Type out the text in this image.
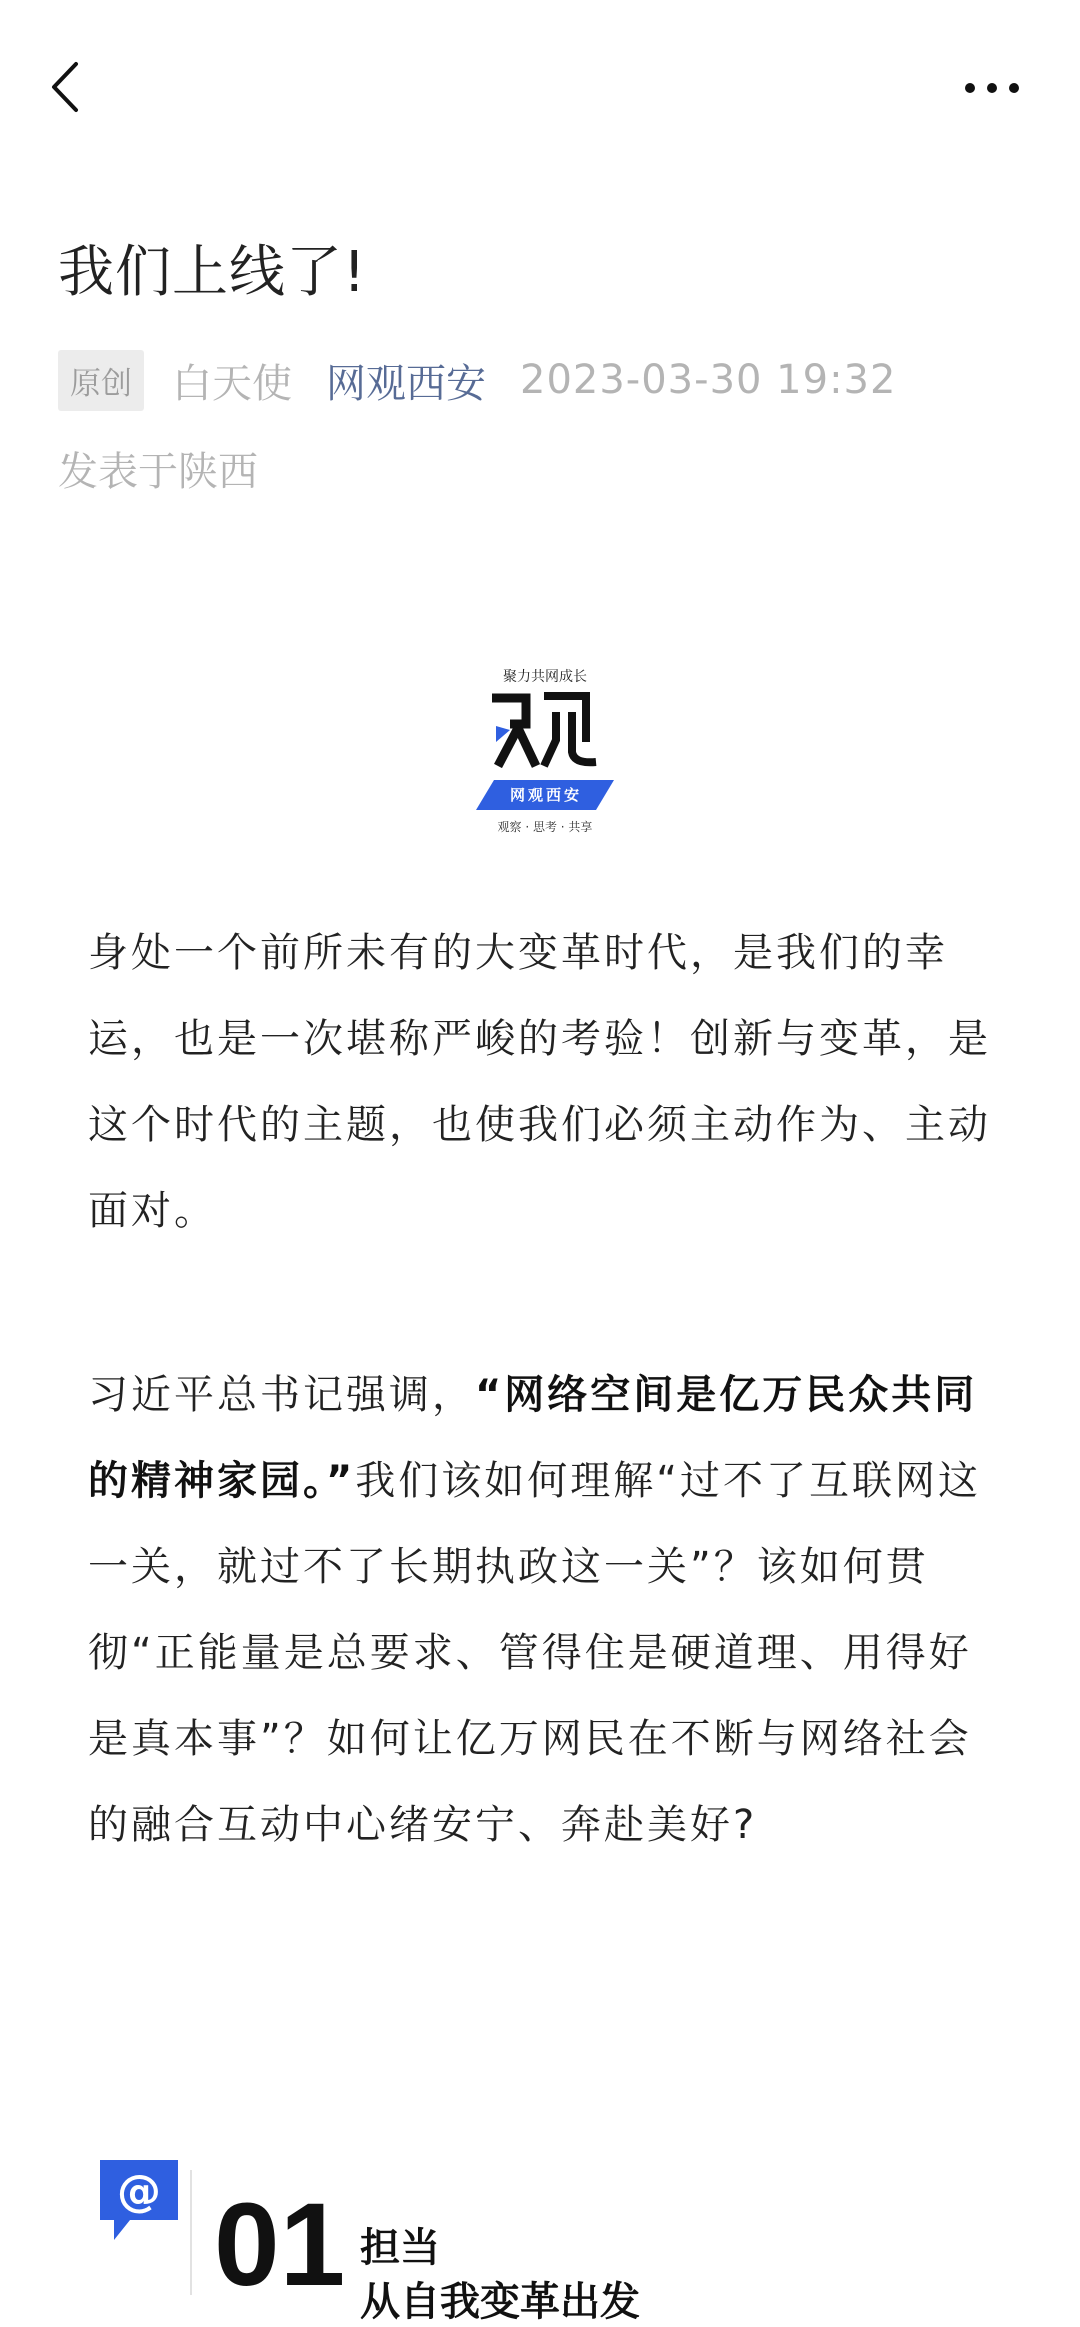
我们上线了!
原创	白天使 网观西安 2023-03-30 19:32
发表于陕西
聚力共网成长
网观西安
观察 · 思考 · 共享

身处一个前所未有的大变革时代，是我们的幸运，也是一次堪称严峻的考验！创新与变革，是这个时代的主题，也使我们必须主动作为、主动面对。

习近平总书记强调，“网络空间是亿万民众共同的精神家园。”我们该如何理解“过不了互联网这一关，就过不了长期执政这一关”？该如何贯彻“正能量是总要求、管得住是硬道理、用得好是真本事”？如何让亿万网民在不断与网络社会的融合互动中心绪安宁、奔赴美好?

@ 01 担当
从自我变革出发
